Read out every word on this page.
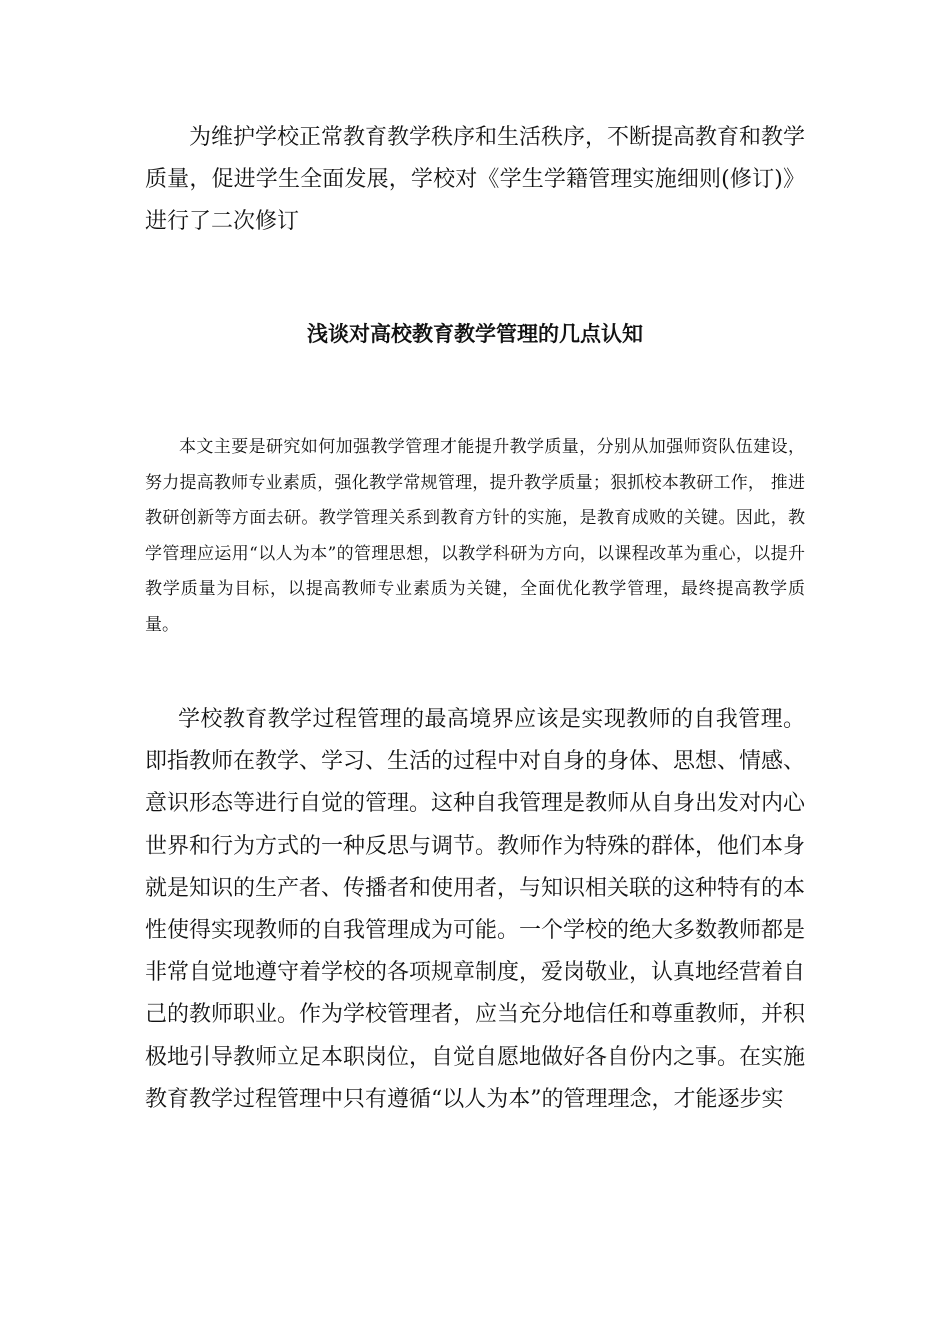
为维护学校正常教育教学秩序和生活秩序，不断提高教育和教学质量，促进学生全面发展，学校对《学生学籍管理实施细则(修订)》进行了二次修订

浅谈对高校教育教学管理的几点认知

本文主要是研究如何加强教学管理才能提升教学质量，分别从加强师资队伍建设，努力提高教师专业素质，强化教学常规管理，提升教学质量；狠抓校本教研工作， 推进教研创新等方面去研。教学管理关系到教育方针的实施，是教育成败的关键。因此，教学管理应运用“以人为本”的管理思想，以教学科研为方向，以课程改革为重心，以提升教学质量为目标，以提高教师专业素质为关键，全面优化教学管理，最终提高教学质量。

学校教育教学过程管理的最高境界应该是实现教师的自我管理。即指教师在教学、学习、生活的过程中对自身的身体、思想、情感、意识形态等进行自觉的管理。这种自我管理是教师从自身出发对内心世界和行为方式的一种反思与调节。教师作为特殊的群体，他们本身就是知识的生产者、传播者和使用者，与知识相关联的这种特有的本性使得实现教师的自我管理成为可能。一个学校的绝大多数教师都是非常自觉地遵守着学校的各项规章制度，爱岗敬业，认真地经营着自己的教师职业。作为学校管理者，应当充分地信任和尊重教师，并积极地引导教师立足本职岗位，自觉自愿地做好各自份内之事。在实施教育教学过程管理中只有遵循“以人为本”的管理理念，才能逐步实
